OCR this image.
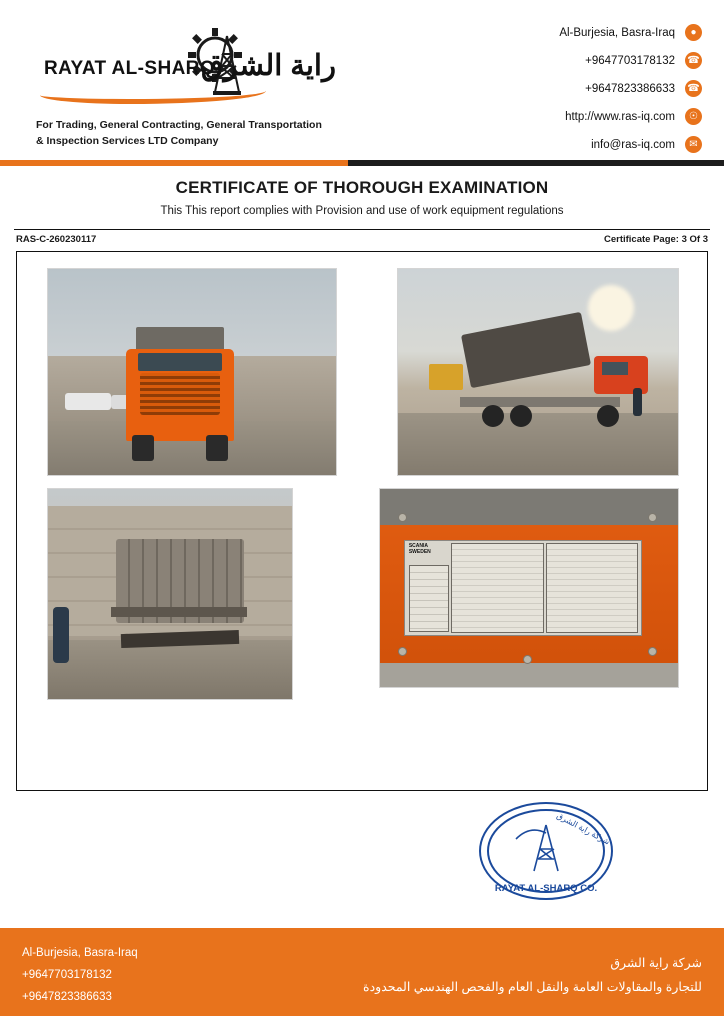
RAYAT AL-SHARQ
راية الشرق
For Trading, General Contracting, General Transportation
& Inspection Services LTD Company
Al-Burjesia, Basra-Iraq	●
+9647703178132 ☎
+9647823386633 ☎
http://www.ras-iq.com	☉
info@ras-iq.com	✉
CERTIFICATE OF THOROUGH EXAMINATION
This This report complies with Provision and use of work equipment regulations
RAS-C-260230117	Certificate Page: 3 Of 3
SCANIA
SWEDEN
RAYAT AL-SHARQ CO.
شركة راية الشرق
Al-Burjesia, Basra-Iraq
+9647703178132
+9647823386633
شركة راية الشرق
للتجارة والمقاولات العامة والنقل العام والفحص الهندسي المحدودة
